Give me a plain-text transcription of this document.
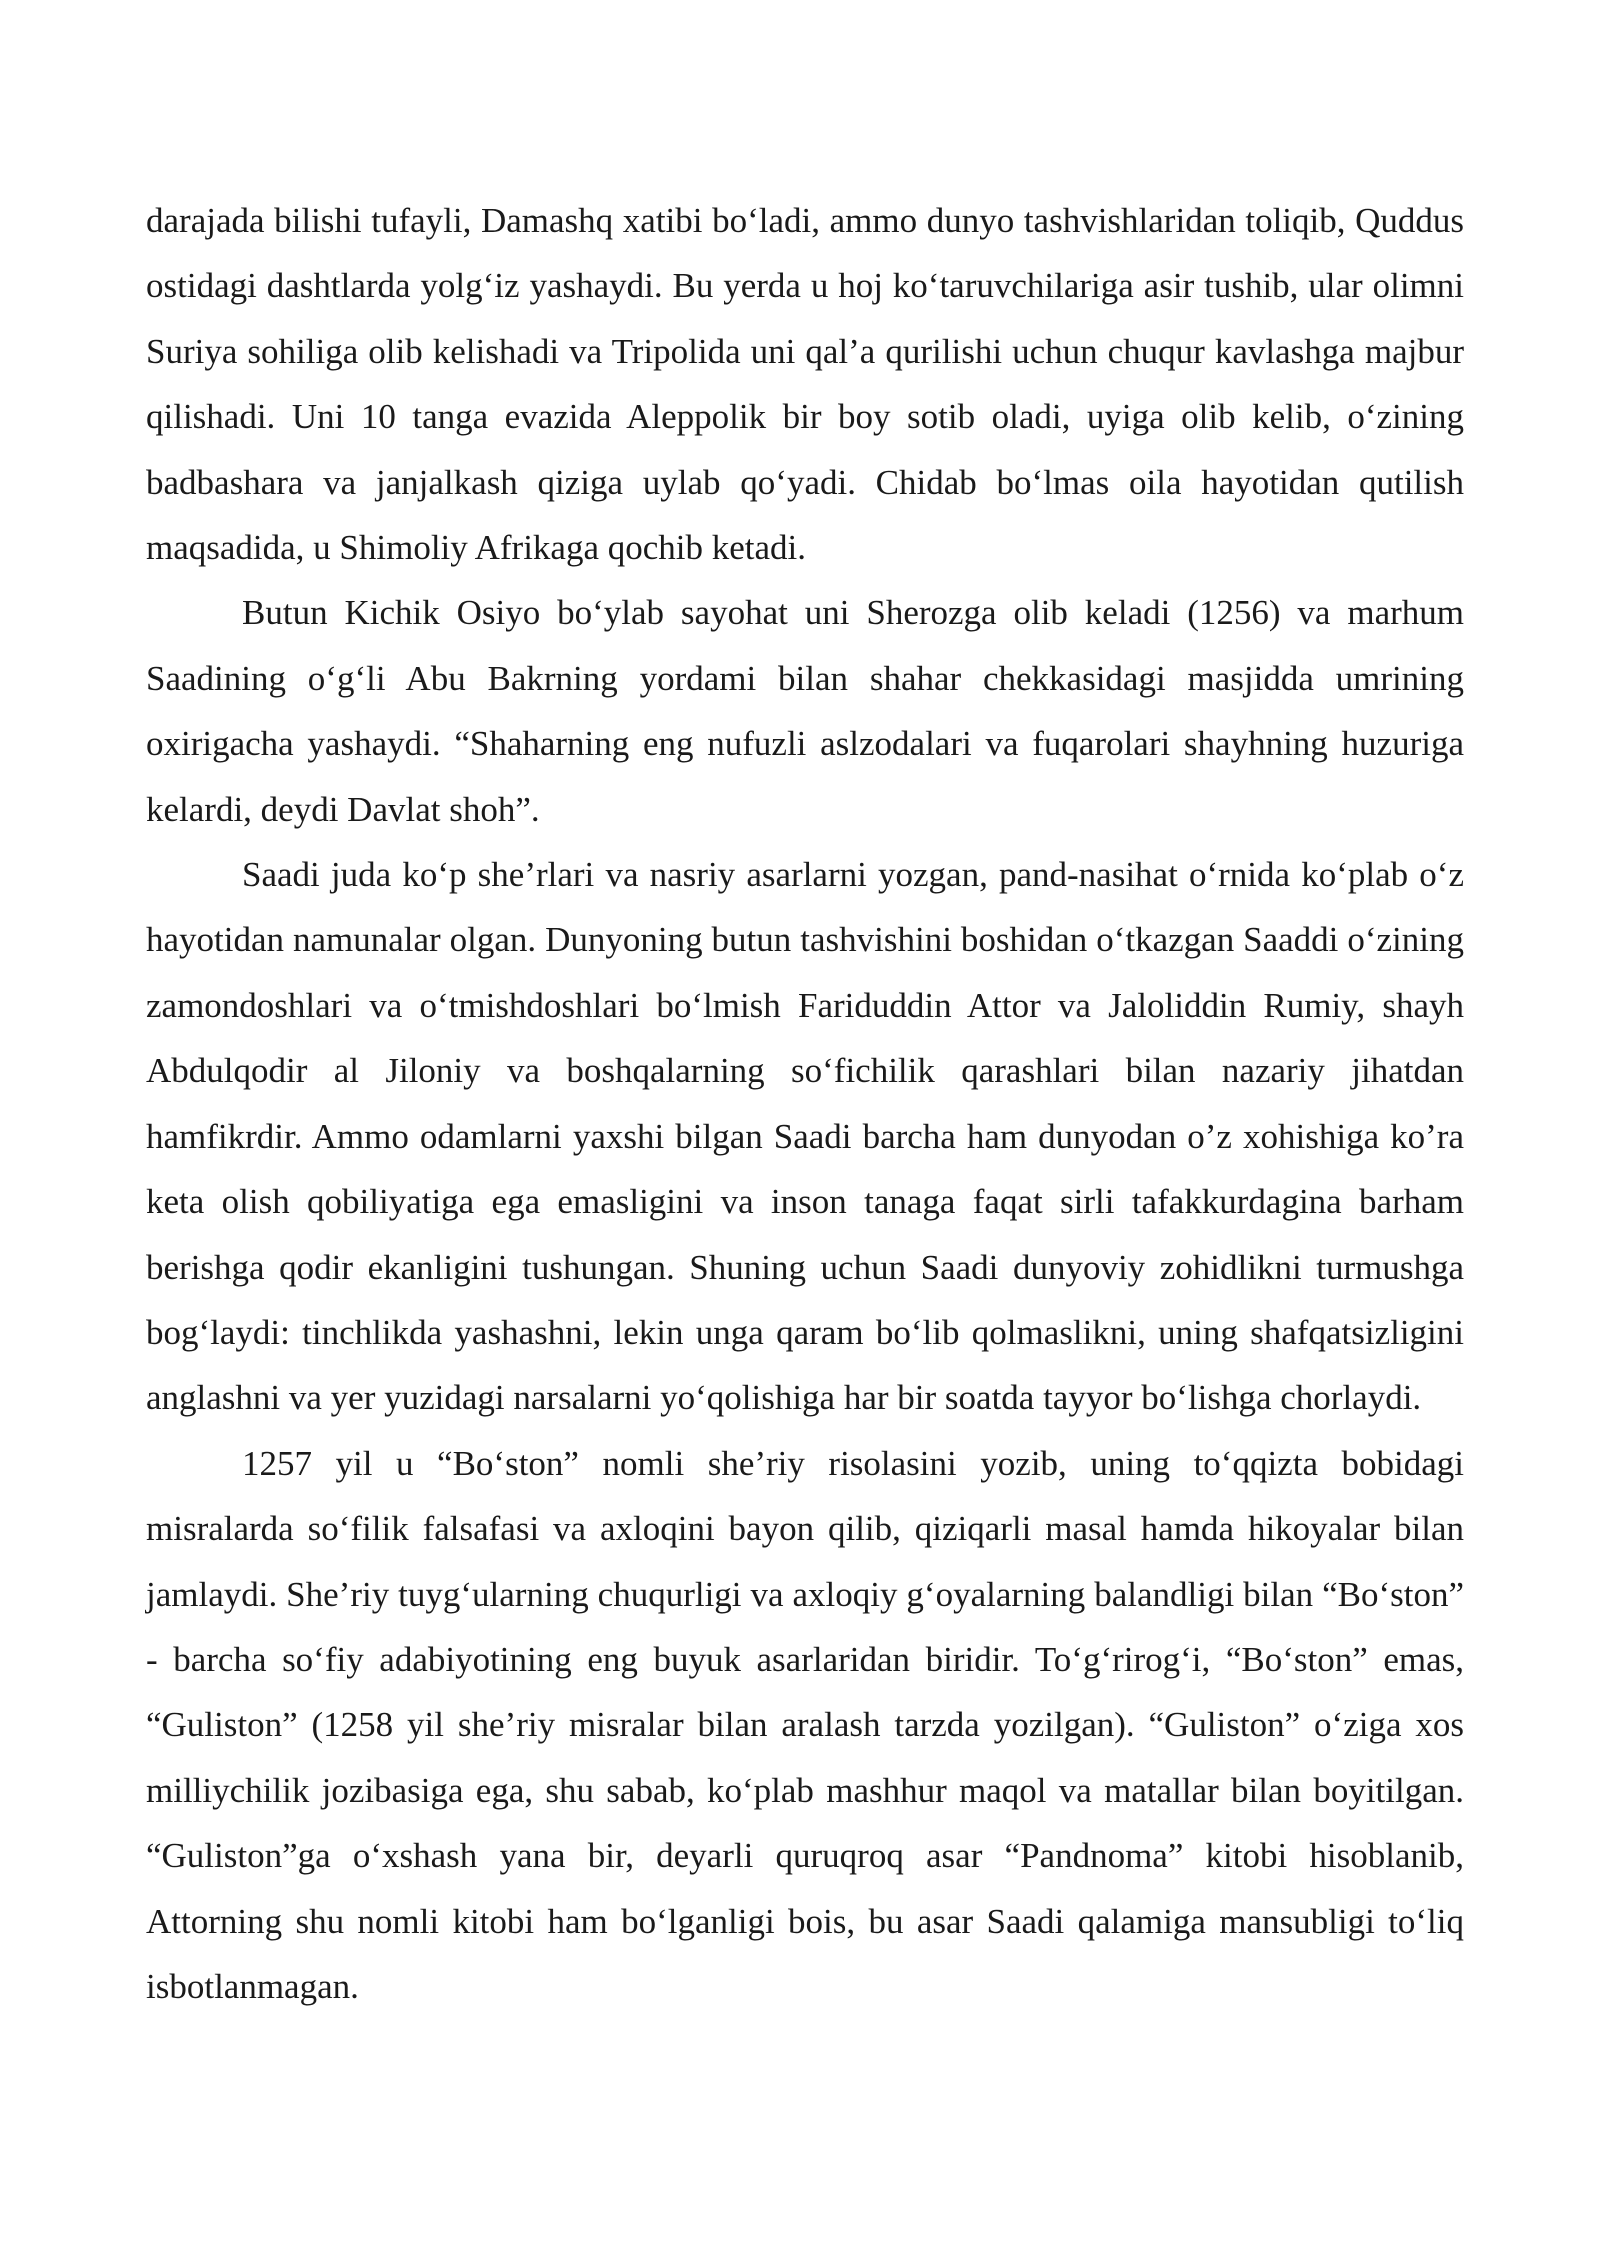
darajada bilishi tufayli, Damashq xatibi bo‘ladi, ammo dunyo tashvishlaridan toliqib, Quddus ostidagi dashtlarda yolg‘iz yashaydi. Bu yerda u hoj ko‘taruvchilariga asir tushib, ular olimni Suriya sohiliga olib kelishadi va Tripolida uni qal’a qurilishi uchun chuqur kavlashga majbur qilishadi. Uni 10 tanga evazida Aleppolik bir boy sotib oladi, uyiga olib kelib, o‘zining badbashara va janjalkash qiziga uylab qo‘yadi. Chidab bo‘lmas oila hayotidan qutilish maqsadida, u Shimoliy Afrikaga qochib ketadi.

Butun Kichik Osiyo bo‘ylab sayohat uni Sherozga olib keladi (1256) va marhum Saadining o‘g‘li Abu Bakrning yordami bilan shahar chekkasidagi masjidda umrining oxirigacha yashaydi. “Shaharning eng nufuzli aslzodalari va fuqarolari shayhning huzuriga kelardi, deydi Davlat shoh”.

Saadi juda ko‘p she’rlari va nasriy asarlarni yozgan, pand-nasihat o‘rnida ko‘plab o‘z hayotidan namunalar olgan. Dunyoning butun tashvishini boshidan o‘tkazgan Saaddi o‘zining zamondoshlari va o‘tmishdoshlari bo‘lmish Fariduddin Attor va Jaloliddin Rumiy, shayh Abdulqodir al Jiloniy va boshqalarning so‘fichilik qarashlari bilan nazariy jihatdan hamfikrdir. Ammo odamlarni yaxshi bilgan Saadi barcha ham dunyodan o’z xohishiga ko’ra keta olish qobiliyatiga ega emasligini va inson tanaga faqat sirli tafakkurdagina barham berishga qodir ekanligini tushungan. Shuning uchun Saadi dunyoviy zohidlikni turmushga bog‘laydi: tinchlikda yashashni, lekin unga qaram bo‘lib qolmaslikni, uning shafqatsizligini anglashni va yer yuzidagi narsalarni yo‘qolishiga har bir soatda tayyor bo‘lishga chorlaydi.

1257 yil u “Bo‘ston” nomli she’riy risolasini yozib, uning to‘qqizta bobidagi misralarda so‘filik falsafasi va axloqini bayon qilib, qiziqarli masal hamda hikoyalar bilan jamlaydi. She’riy tuyg‘ularning chuqurligi va axloqiy g‘oyalarning balandligi bilan “Bo‘ston” - barcha so‘fiy adabiyotining eng buyuk asarlaridan biridir. To‘g‘rirog‘i, “Bo‘ston” emas, “Guliston” (1258 yil she’riy misralar bilan aralash tarzda yozilgan). “Guliston” o‘ziga xos milliychilik jozibasiga ega, shu sabab, ko‘plab mashhur maqol va matallar bilan boyitilgan. “Guliston”ga o‘xshash yana bir, deyarli quruqroq asar “Pandnoma” kitobi hisoblanib, Attorning shu nomli kitobi ham bo‘lganligi bois, bu asar Saadi qalamiga mansubligi to‘liq isbotlanmagan.
